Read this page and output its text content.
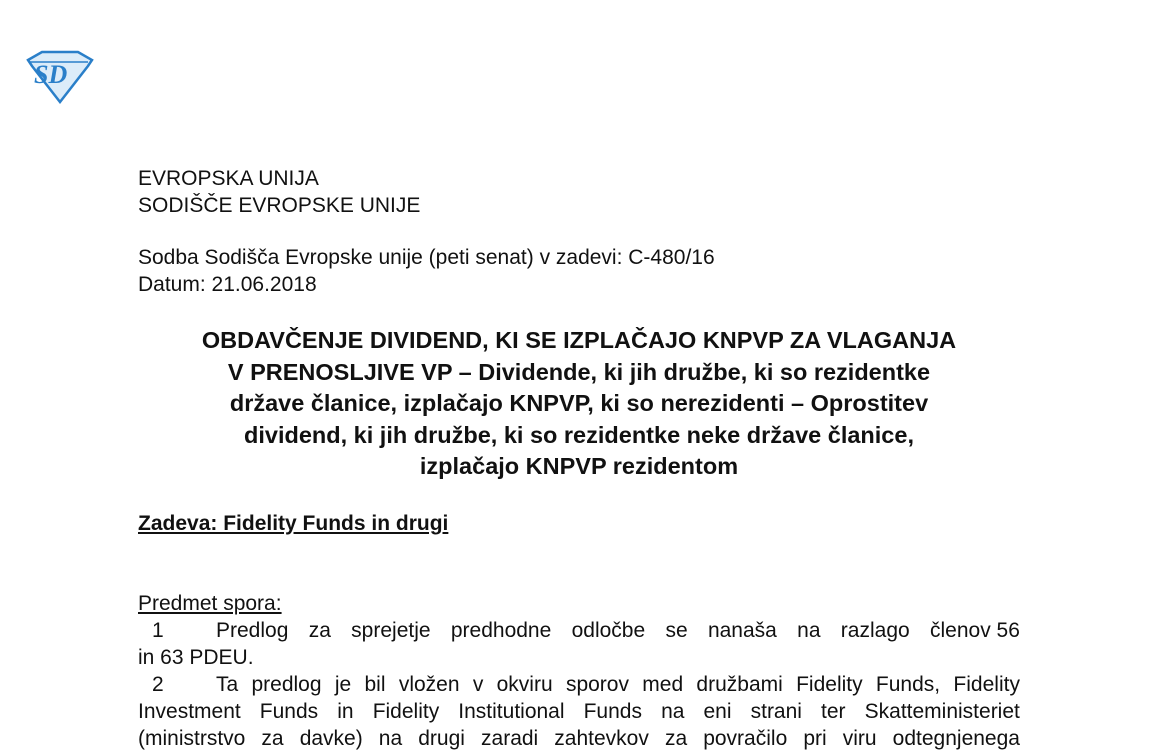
SD
EVROPSKA UNIJA
SODIŠČE EVROPSKE UNIJE
Sodba Sodišča Evropske unije (peti senat) v zadevi: C-480/16
Datum: 21.06.2018
OBDAVČENJE DIVIDEND, KI SE IZPLAČAJO KNPVP ZA VLAGANJA
V PRENOSLJIVE VP – Dividende, ki jih družbe, ki so rezidentke
države članice, izplačajo KNPVP, ki so nerezidenti – Oprostitev
dividend, ki jih družbe, ki so rezidentke neke države članice,
izplačajo KNPVP rezidentom
Zadeva: Fidelity Funds in drugi
Predmet spora:
1 Predlog za sprejetje predhodne odločbe se nanaša na razlago členov 56
in 63 PDEU.
2 Ta predlog je bil vložen v okviru sporov med družbami Fidelity Funds, Fidelity
Investment Funds in Fidelity Institutional Funds na eni strani ter Skatteministeriet
(ministrstvo za davke) na drugi zaradi zahtevkov za povračilo pri viru odtegnjenega
